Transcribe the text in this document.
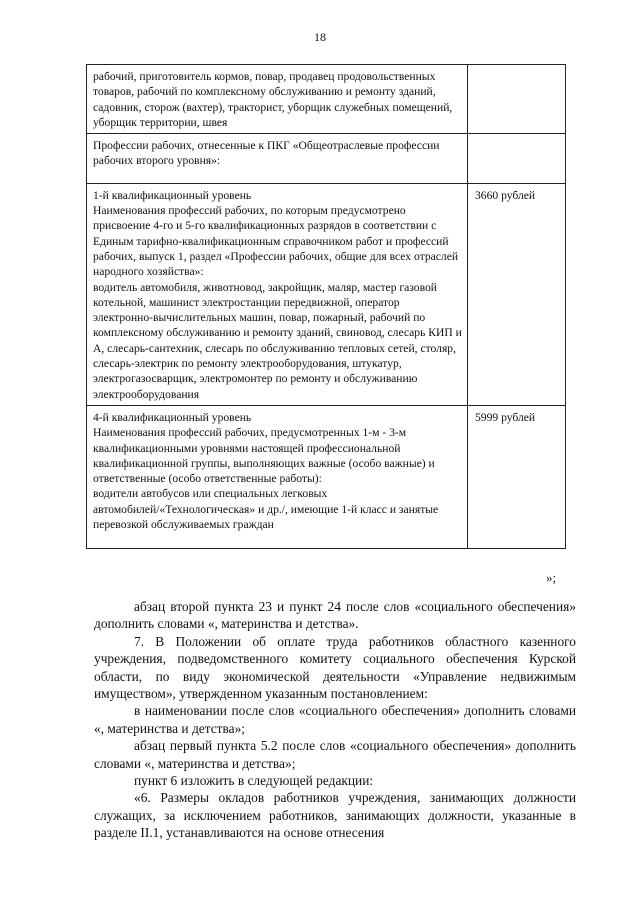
18
рабочий, приготовитель кормов, повар, продавец продовольственных товаров, рабочий по комплексному обслуживанию и ремонту зданий, садовник, сторож (вахтер), тракторист, уборщик служебных помещений, уборщик территории, швея	

Профессии рабочих, отнесенные к ПКГ «Общеотраслевые профессии рабочих второго уровня»:	

1-й квалификационный уровень
Наименования профессий рабочих, по которым предусмотрено присвоение 4-го и 5-го квалификационных разрядов в соответствии с Единым тарифно-квалификационным справочником работ и профессий рабочих, выпуск 1, раздел «Профессии рабочих, общие для всех отраслей народного хозяйства»:
водитель автомобиля, животновод, закройщик, маляр, мастер газовой котельной, машинист электростанции передвижной, оператор электронно-вычислительных машин, повар, пожарный, рабочий по комплексному обслуживанию и ремонту зданий, свиновод, слесарь КИП и А, слесарь-сантехник, слесарь по обслуживанию тепловых сетей, столяр, слесарь-электрик по ремонту электрооборудования, штукатур, электрогазосварщик, электромонтер по ремонту и обслуживанию электрооборудования	3660 рублей

4-й квалификационный уровень
Наименования профессий рабочих, предусмотренных 1-м - 3-м квалификационными уровнями настоящей профессиональной квалификационной группы, выполняющих важные (особо важные) и ответственные (особо ответственные работы):
водители автобусов или специальных легковых автомобилей/«Технологическая» и др./, имеющие 1-й класс и занятые перевозкой обслуживаемых граждан	5999 рублей
»;

абзац второй пункта 23 и пункт 24 после слов «социального обеспечения» дополнить словами «, материнства и детства».

7. В Положении об оплате труда работников областного казенного учреждения, подведомственного комитету социального обеспечения Курской области, по виду экономической деятельности «Управление недвижимым имуществом», утвержденном указанным постановлением:

в наименовании после слов «социального обеспечения» дополнить словами «, материнства и детства»;

абзац первый пункта 5.2 после слов «социального обеспечения» дополнить словами «, материнства и детства»;

пункт 6 изложить в следующей редакции:

«6. Размеры окладов работников учреждения, занимающих должности служащих, за исключением работников, занимающих должности, указанные в разделе II.1, устанавливаются на основе отнесения
